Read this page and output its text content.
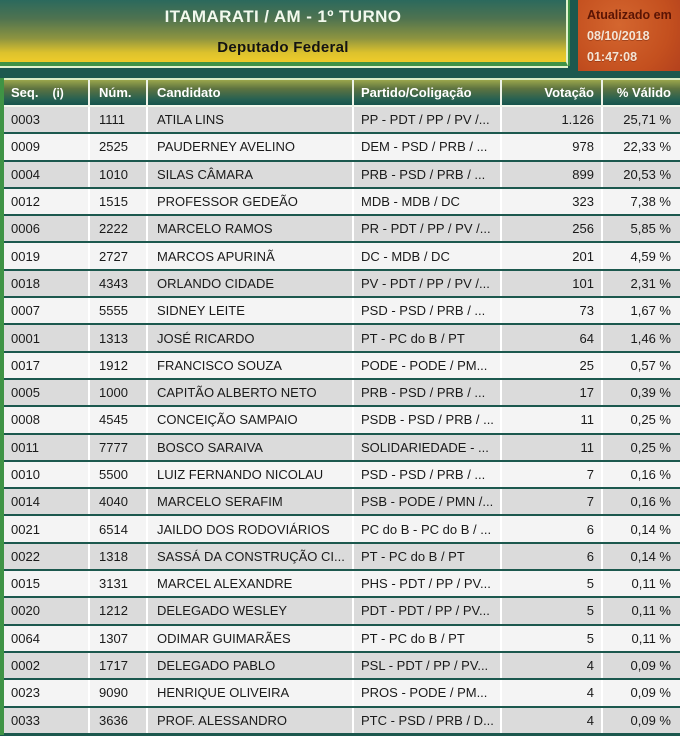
ITAMARATI / AM - 1º TURNO
Deputado Federal
Atualizado em
08/10/2018
01:47:08
Seq. (i)	Núm.	Candidato	Partido/Coligação	Votação	% Válido
0003	1111	ATILA LINS	PP - PDT / PP / PV /...	1.126	25,71 %
0009	2525	PAUDERNEY AVELINO	DEM - PSD / PRB / ...	978	22,33 %
0004	1010	SILAS CÂMARA	PRB - PSD / PRB / ...	899	20,53 %
0012	1515	PROFESSOR GEDEÃO	MDB - MDB / DC	323	7,38 %
0006	2222	MARCELO RAMOS	PR - PDT / PP / PV /...	256	5,85 %
0019	2727	MARCOS APURINÃ	DC - MDB / DC	201	4,59 %
0018	4343	ORLANDO CIDADE	PV - PDT / PP / PV /...	101	2,31 %
0007	5555	SIDNEY LEITE	PSD - PSD / PRB / ...	73	1,67 %
0001	1313	JOSÉ RICARDO	PT - PC do B / PT	64	1,46 %
0017	1912	FRANCISCO SOUZA	PODE - PODE / PM...	25	0,57 %
0005	1000	CAPITÃO ALBERTO NETO	PRB - PSD / PRB / ...	17	0,39 %
0008	4545	CONCEIÇÃO SAMPAIO	PSDB - PSD / PRB / ...	11	0,25 %
0011	7777	BOSCO SARAIVA	SOLIDARIEDADE - ...	11	0,25 %
0010	5500	LUIZ FERNANDO NICOLAU	PSD - PSD / PRB / ...	7	0,16 %
0014	4040	MARCELO SERAFIM	PSB - PODE / PMN /...	7	0,16 %
0021	6514	JAILDO DOS RODOVIÁRIOS	PC do B - PC do B / ...	6	0,14 %
0022	1318	SASSÁ DA CONSTRUÇÃO CI...	PT - PC do B / PT	6	0,14 %
0015	3131	MARCEL ALEXANDRE	PHS - PDT / PP / PV...	5	0,11 %
0020	1212	DELEGADO WESLEY	PDT - PDT / PP / PV...	5	0,11 %
0064	1307	ODIMAR GUIMARÃES	PT - PC do B / PT	5	0,11 %
0002	1717	DELEGADO PABLO	PSL - PDT / PP / PV...	4	0,09 %
0023	9090	HENRIQUE OLIVEIRA	PROS - PODE / PM...	4	0,09 %
0033	3636	PROF. ALESSANDRO	PTC - PSD / PRB / D...	4	0,09 %
